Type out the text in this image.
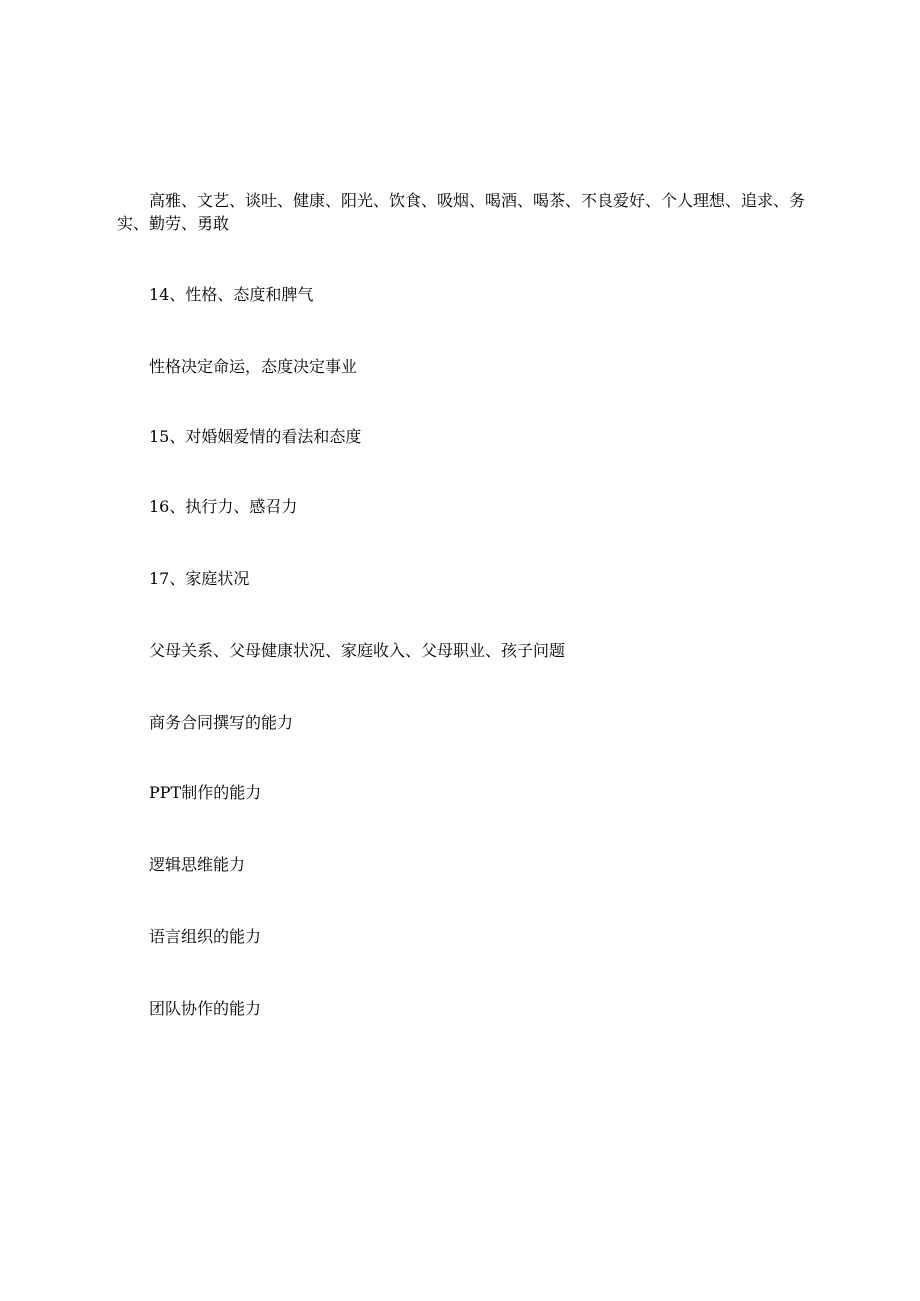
高雅、文艺、谈吐、健康、阳光、饮食、吸烟、喝酒、喝茶、不良爱好、个人理想、追求、务实、勤劳、勇敢
14、性格、态度和脾气
性格决定命运，态度决定事业
15、对婚姻爱情的看法和态度
16、执行力、感召力
17、家庭状况
父母关系、父母健康状况、家庭收入、父母职业、孩子问题
商务合同撰写的能力
PPT制作的能力
逻辑思维能力
语言组织的能力
团队协作的能力
